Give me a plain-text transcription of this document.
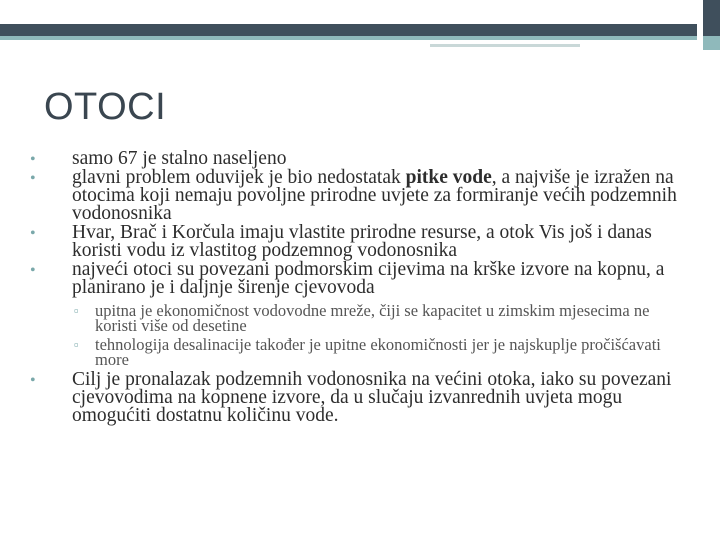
OTOCI
• samo 67 je stalno naseljeno
• glavni problem oduvijek je bio nedostatak pitke vode, a najviše je izražen na otocima koji nemaju povoljne prirodne uvjete za formiranje većih podzemnih vodonosnika
• Hvar, Brač i Korčula imaju vlastite prirodne resurse, a otok Vis još i danas koristi vodu iz vlastitog podzemnog vodonosnika
• najveći otoci su povezani podmorskim cijevima na krške izvore na kopnu, a planirano je i daljnje širenje cjevovoda
▫ upitna je ekonomičnost vodovodne mreže, čiji se kapacitet u zimskim mjesecima ne koristi više od desetine
▫ tehnologija desalinacije također je upitne ekonomičnosti jer je najskuplje pročišćavati more
• Cilj je pronalazak podzemnih vodonosnika na većini otoka, iako su povezani cjevovodima na kopnene izvore, da u slučaju izvanrednih uvjeta mogu omogućiti dostatnu količinu vode.
